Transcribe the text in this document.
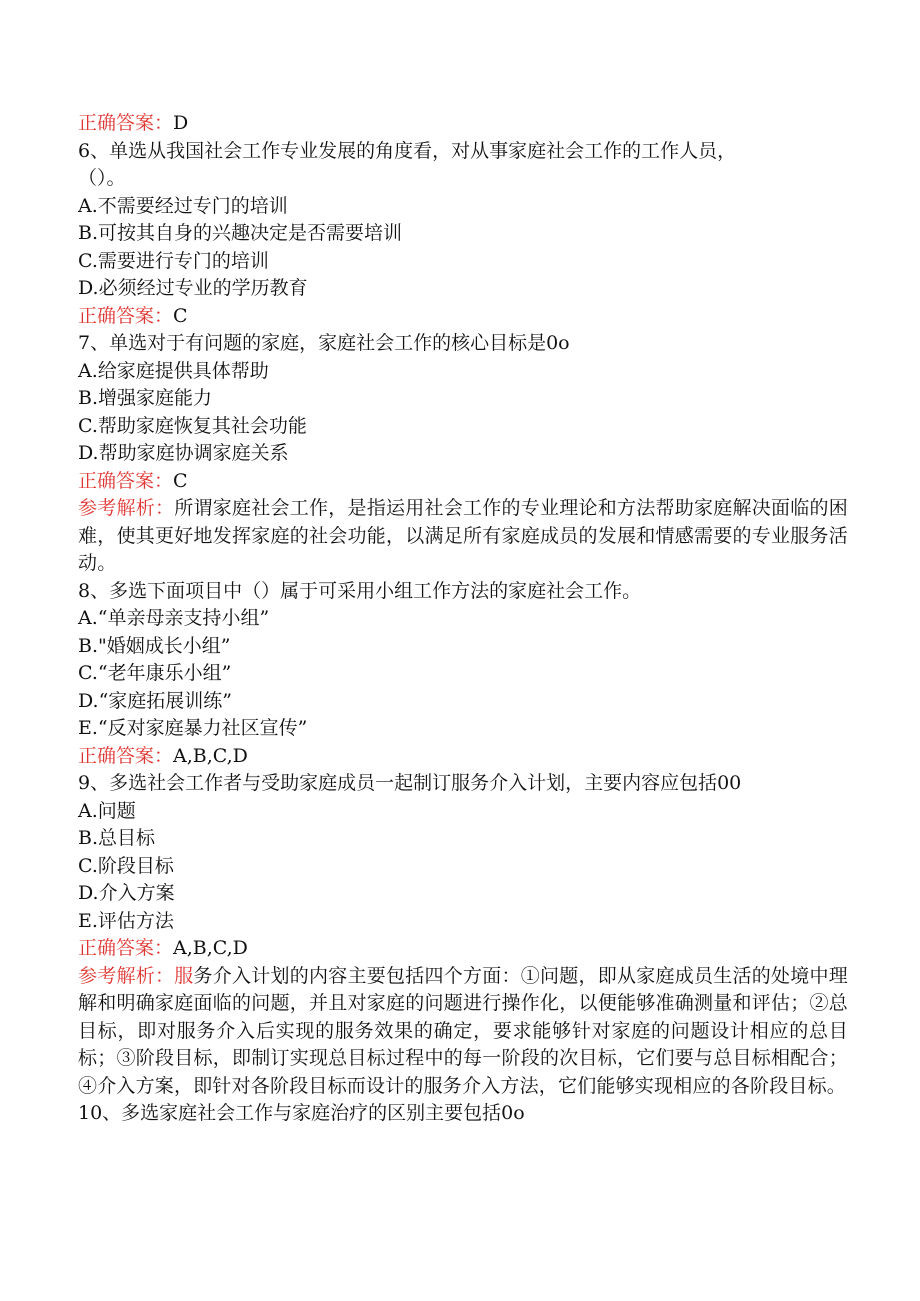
正确答案：D
6、单选从我国社会工作专业发展的角度看，对从事家庭社会工作的工作人员，
（）。
A.不需要经过专门的培训
B.可按其自身的兴趣决定是否需要培训
C.需要进行专门的培训
D.必须经过专业的学历教育
正确答案：C
7、单选对于有问题的家庭，家庭社会工作的核心目标是0o
A.给家庭提供具体帮助
B.增强家庭能力
C.帮助家庭恢复其社会功能
D.帮助家庭协调家庭关系
正确答案：C
参考解析：所谓家庭社会工作，是指运用社会工作的专业理论和方法帮助家庭解决面临的困难，使其更好地发挥家庭的社会功能，以满足所有家庭成员的发展和情感需要的专业服务活动。
8、多选下面项目中（）属于可采用小组工作方法的家庭社会工作。
A.“单亲母亲支持小组”
B."婚姻成长小组”
C.“老年康乐小组”
D.“家庭拓展训练”
E.“反对家庭暴力社区宣传”
正确答案：A,B,C,D
9、多选社会工作者与受助家庭成员一起制订服务介入计划，主要内容应包括00
A.问题
B.总目标
C.阶段目标
D.介入方案
E.评估方法
正确答案：A,B,C,D
参考解析：服务介入计划的内容主要包括四个方面：①问题，即从家庭成员生活的处境中理解和明确家庭面临的问题，并且对家庭的问题进行操作化，以便能够准确测量和评估；②总目标，即对服务介入后实现的服务效果的确定，要求能够针对家庭的问题设计相应的总目标；③阶段目标，即制订实现总目标过程中的每一阶段的次目标，它们要与总目标相配合；④介入方案，即针对各阶段目标而设计的服务介入方法，它们能够实现相应的各阶段目标。
10、多选家庭社会工作与家庭治疗的区别主要包括0o
